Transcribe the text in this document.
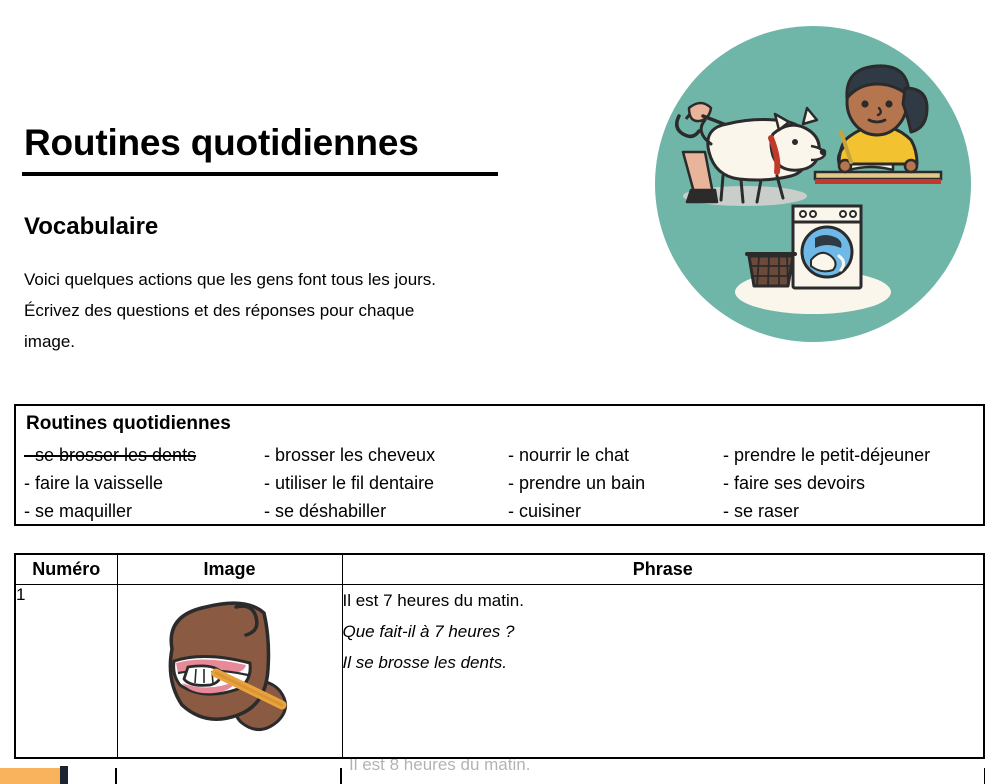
Routines quotidiennes
Vocabulaire
Voici quelques actions que les gens font tous les jours.
Écrivez des questions et des réponses pour chaque
image.
Routines quotidiennes
- se brosser les dents
- faire la vaisselle
- se maquiller
- brosser les cheveux
- utiliser le fil dentaire
- se déshabiller
- nourrir le chat
- prendre un bain
- cuisiner
- prendre le petit-déjeuner
- faire ses devoirs
- se raser
Numéro	Image	Phrase
1		Il est 7 heures du matin.
Que fait-il à 7 heures ?
Il se brosse les dents.
Il est 8 heures du matin.
